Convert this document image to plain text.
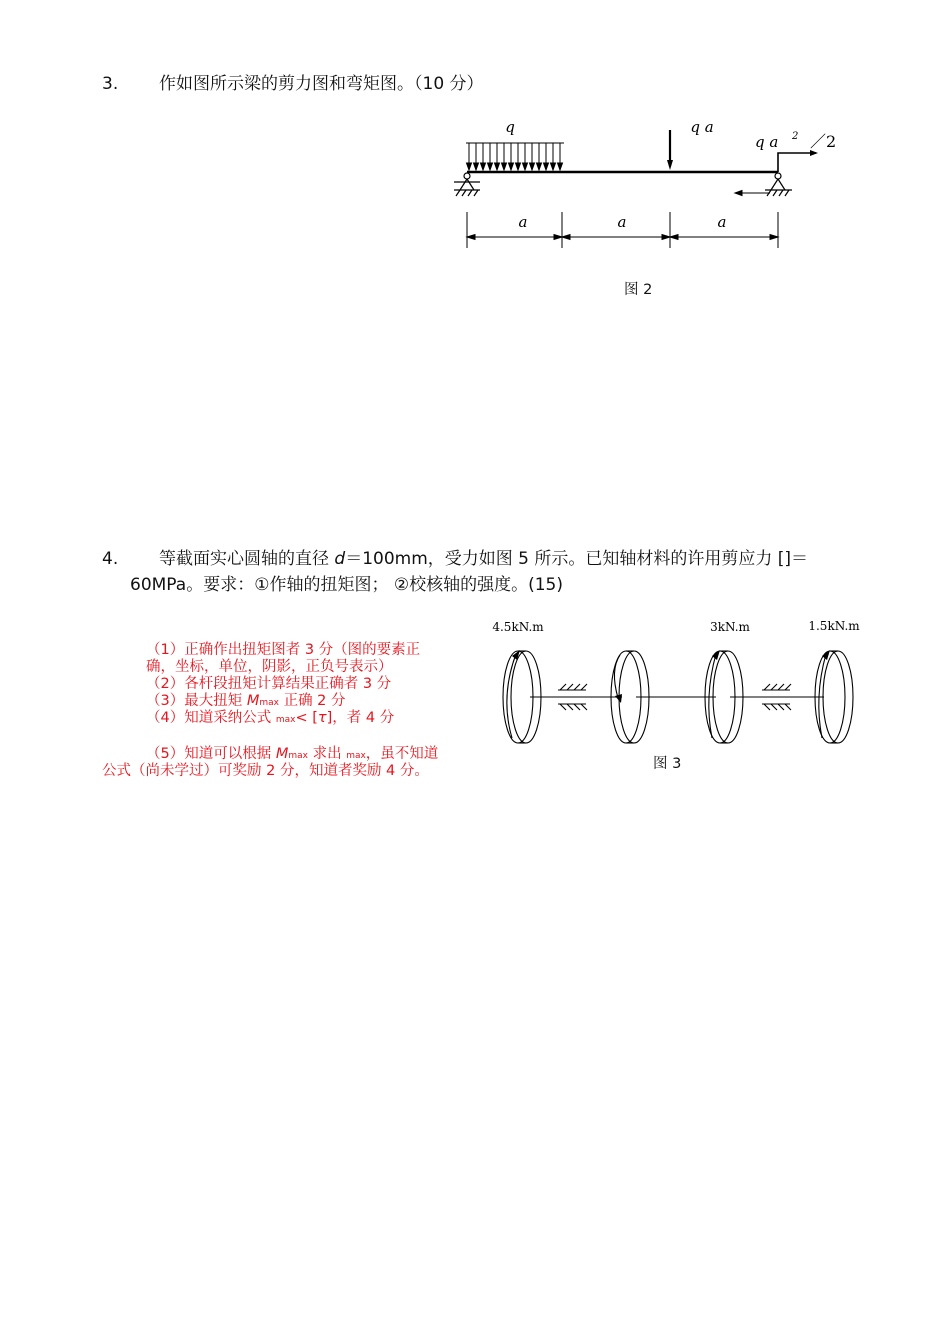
3. 作如图所示梁的剪力图和弯矩图。（10 分）
q	q a
q a 2 ／2
a	a	a
图 2
4. 等截面实心圆轴的直径 d＝100mm，受力如图 5 所示。已知轴材料的许用剪应力 []＝
60MPa。要求：①作轴的扭矩图； ②校核轴的强度。(15)
（1）正确作出扭矩图者 3 分（图的要素正
确，坐标，单位，阴影，正负号表示）
（2）各杆段扭矩计算结果正确者 3 分
（3）最大扭矩 Mmax 正确 2 分
（4）知道采纳公式 max< [τ]，者 4 分
（5）知道可以根据 Mmax 求出 max，虽不知道
公式（尚未学过）可奖励 2 分，知道者奖励 4 分。
4.5kN.m	3kN.m	1.5kN.m
图 3
